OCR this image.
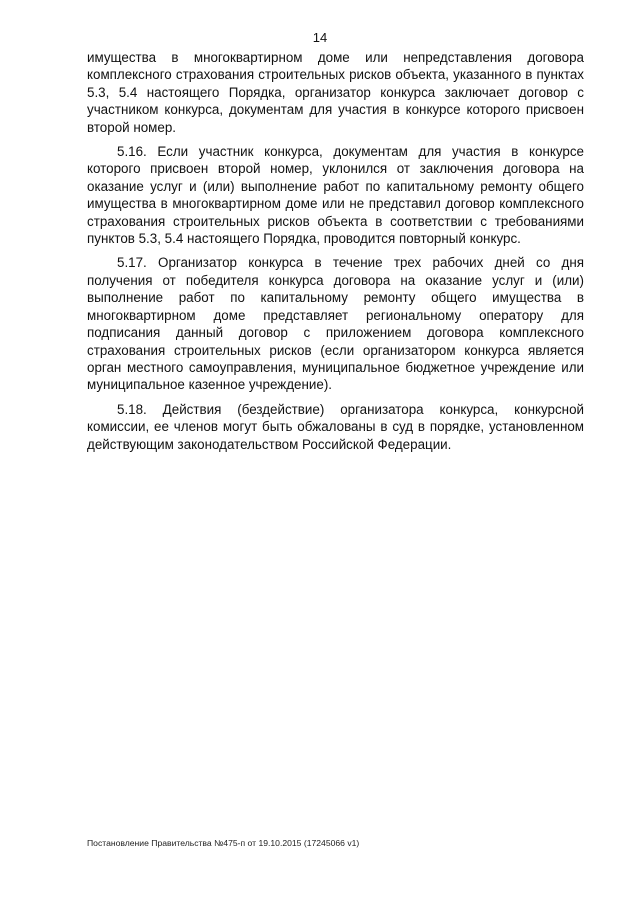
14

имущества в многоквартирном доме или непредставления договора комплексного страхования строительных рисков объекта, указанного в пунктах 5.3, 5.4 настоящего Порядка, организатор конкурса заключает договор с участником конкурса, документам для участия в конкурсе которого присвоен второй номер.

5.16. Если участник конкурса, документам для участия в конкурсе которого присвоен второй номер, уклонился от заключения договора на оказание услуг и (или) выполнение работ по капитальному ремонту общего имущества в многоквартирном доме или не представил договор комплексного страхования строительных рисков объекта в соответствии с требованиями пунктов 5.3, 5.4 настоящего Порядка, проводится повторный конкурс.

5.17. Организатор конкурса в течение трех рабочих дней со дня получения от победителя конкурса договора на оказание услуг и (или) выполнение работ по капитальному ремонту общего имущества в многоквартирном доме представляет региональному оператору для подписания данный договор с приложением договора комплексного страхования строительных рисков (если организатором конкурса является орган местного самоуправления, муниципальное бюджетное учреждение или муниципальное казенное учреждение).

5.18. Действия (бездействие) организатора конкурса, конкурсной комиссии, ее членов могут быть обжалованы в суд в порядке, установленном действующим законодательством Российской Федерации.

Постановление Правительства №475-п от 19.10.2015 (17245066 v1)
